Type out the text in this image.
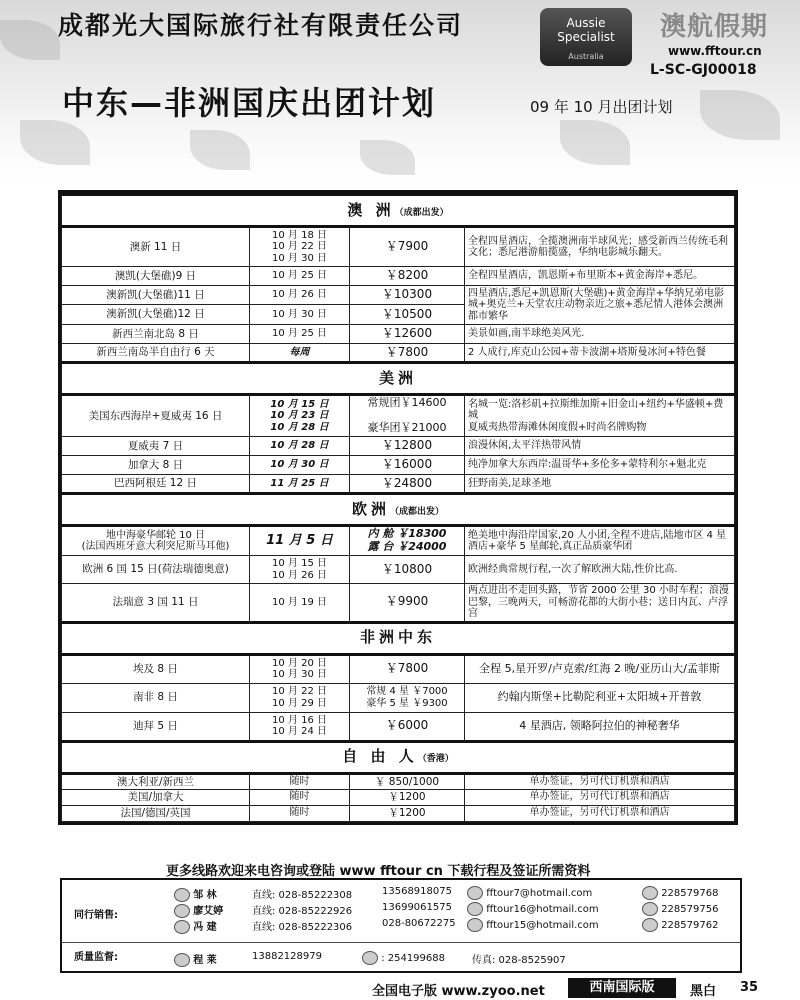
成都光大国际旅行社有限责任公司	Aussie
Specialist
Australia
澳航假期
www.fftour.cn
L-SC-GJ00018
中东—非洲国庆出团计划	09 年 10 月出团计划
澳 洲（成都出发）			
澳新 11 日	10 月 18 日
10 月 22 日
10 月 30 日	￥7900	全程四星酒店，全揽澳洲南半球风光；感受新西兰传统毛利文化；悉尼港游船揽盛，华纳电影城乐翻天。
澳凯(大堡礁)9 日	10 月 25 日	￥8200	全程四星酒店，凯恩斯+布里斯本+黄金海岸+悉尼。
澳新凯(大堡礁)11 日	10 月 26 日	￥10300	四星酒店,悉尼+凯恩斯(大堡礁)+黄金海岸+华纳兄弟电影城+奥克兰+天堂农庄动物亲近之旅+悉尼情人港体会澳洲都市繁华
澳新凯(大堡礁)12 日	10 月 30 日	￥10500	
新西兰南北岛 8 日	10 月 25 日	￥12600	美景如画,南半球绝美风光.
新西兰南岛半自由行 6 天	每周	￥7800	2 人成行,库克山公园+蒂卡波湖+塔斯曼冰河+特色餐
美洲			
美国东西海岸+夏威夷 16 日	10 月 15 日
10 月 23 日
10 月 28 日	常规团￥14600

豪华团￥21000	名城一览:洛杉矶+拉斯维加斯+旧金山+纽约+华盛顿+费城
夏威夷热带海滩休闲度假+时尚名牌购物
夏威夷 7 日	10 月 28 日	￥12800	浪漫休闲,太平洋热带风情
加拿大 8 日	10 月 30 日	￥16000	纯净加拿大东西岸:温哥华+多伦多+蒙特利尔+魁北克
巴西阿根廷 12 日	11 月 25 日	￥24800	狂野南美,足球圣地
欧洲（成都出发）			
地中海豪华邮轮 10 日
(法国西班牙意大利突尼斯马耳他)	11 月 5 日	内 舱 ￥18300
露 台 ￥24000	绝美地中海沿岸国家,20 人小团,全程不进店,陆地市区 4 星酒店+豪华 5 星邮轮,真正品质豪华团
欧洲 6 国 15 日(荷法瑞德奥意)	10 月 15 日
10 月 26 日	￥10800	欧洲经典常规行程,一次了解欧洲大陆,性价比高.
法瑞意 3 国 11 日	10 月 19 日	￥9900	两点进出不走回头路，节省 2000 公里 30 小时车程；浪漫巴黎，三晚两天，可畅游花都的大街小巷；送日内瓦、卢浮宫
非洲中东			
埃及 8 日	10 月 20 日
10 月 30 日	￥7800	全程 5,星开罗/卢克索/红海 2 晚/亚历山大/孟菲斯
南非 8 日	10 月 22 日
10 月 29 日	常规 4 星 ￥7000
豪华 5 星 ￥9300	约翰内斯堡+比勒陀利亚+太阳城+开普敦
迪拜 5 日	10 月 16 日
10 月 24 日	￥6000	4 星酒店, 领略阿拉伯的神秘奢华
自 由 人（香港）			
澳大利亚/新西兰	随时	￥ 850/1000	单办签证，另可代订机票和酒店
美国/加拿大	随时	￥1200	单办签证，另可代订机票和酒店
法国/德国/英国	随时	￥1200	单办签证，另可代订机票和酒店
更多线路欢迎来电咨询或登陆 www fftour cn 下载行程及签证所需资料
同行销售:
邹 林	直线: 028-85222308	13568918075	fftour7@hotmail.com	228579768
廖艾婷	直线: 028-85222926	13699061575	fftour16@hotmail.com	228579756
冯 建	直线: 028-85222306	028-80672275	fftour15@hotmail.com	228579762
质量监督:	程 莱	13882128979	: 254199688	传真: 028-8525907
全国电子版 www.zyoo.net	西南国际版	黑白 35
